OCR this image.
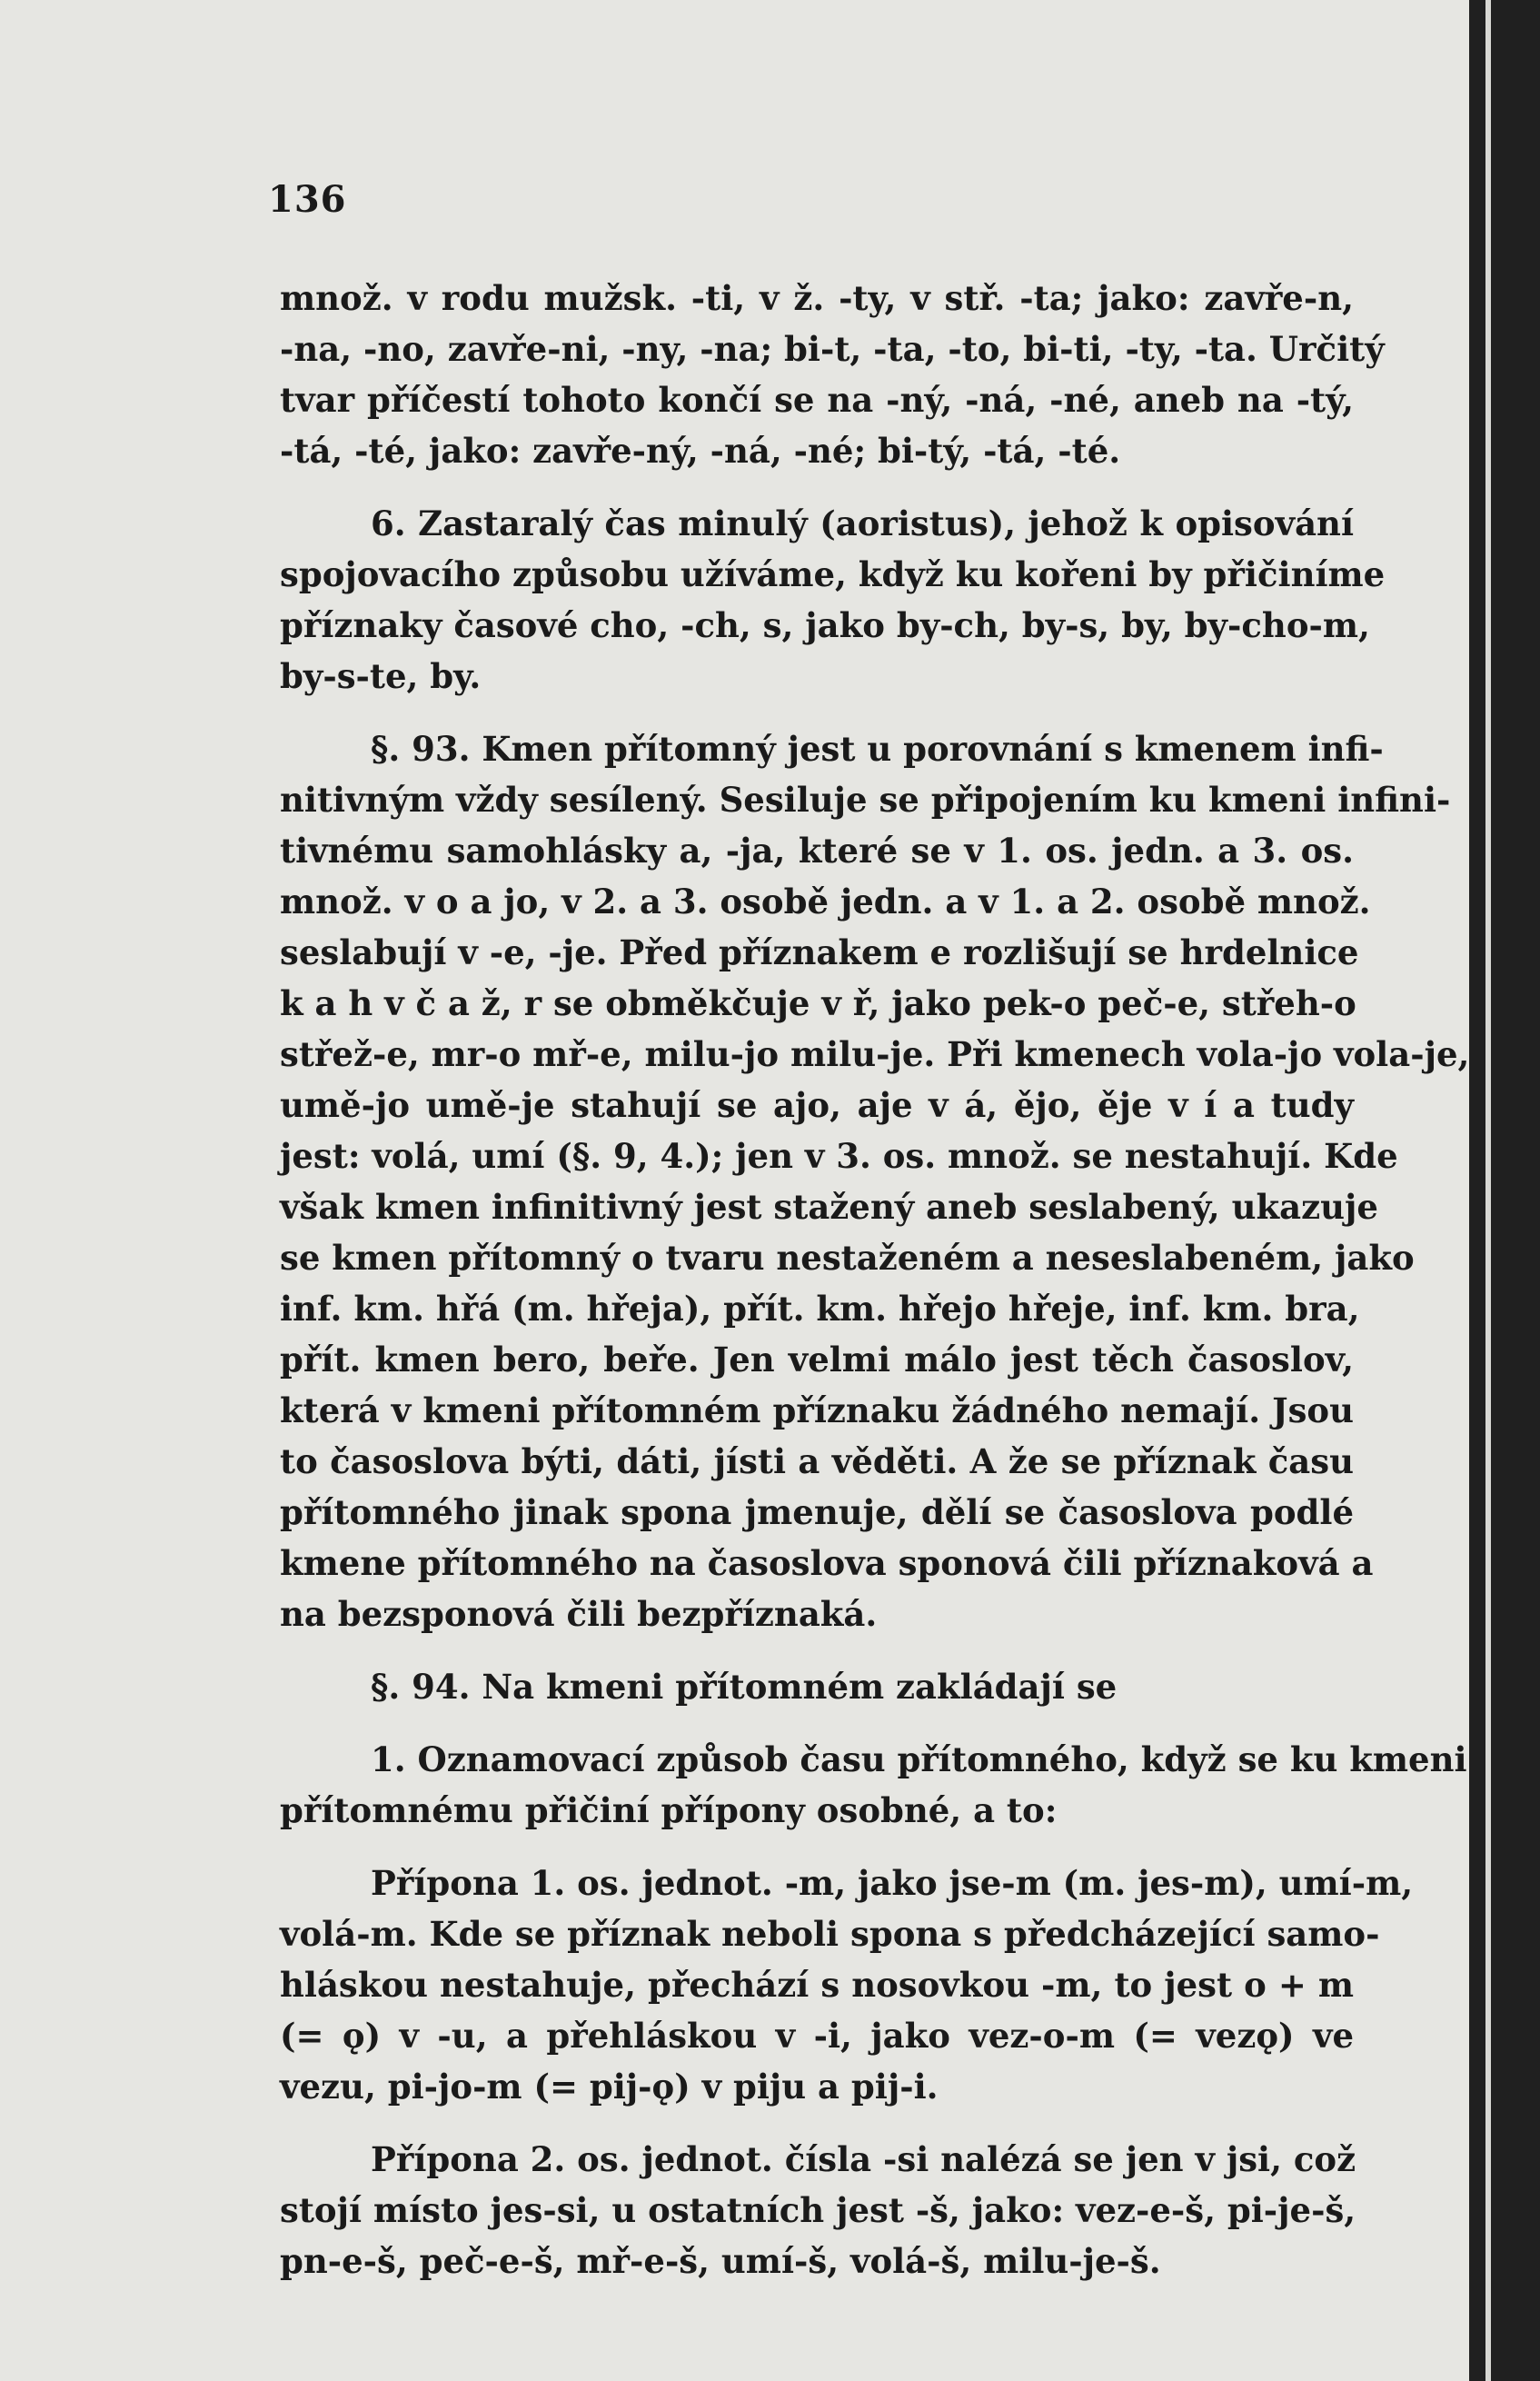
136
množ. v rodu mužsk. -ti, v ž. -ty, v stř. -ta; jako: zavře-n,
-na, -no, zavře-ni, -ny, -na; bi-t, -ta, -to, bi-ti, -ty, -ta. Určitý
tvar příčestí tohoto končí se na -ný, -ná, -né, aneb na -tý,
-tá, -té, jako: zavře-ný, -ná, -né; bi-tý, -tá, -té.
6. Zastaralý čas minulý (aoristus), jehož k opisování
spojovacího způsobu užíváme, když ku kořeni by přičiníme
příznaky časové cho, -ch, s, jako by-ch, by-s, by, by-cho-m,
by-s-te, by.
§. 93. Kmen přítomný jest u porovnání s kmenem infi-
nitivným vždy sesílený. Sesiluje se připojením ku kmeni infini-
tivnému samohlásky a, -ja, které se v 1. os. jedn. a 3. os.
množ. v o a jo, v 2. a 3. osobě jedn. a v 1. a 2. osobě množ.
seslabují v -e, -je. Před příznakem e rozlišují se hrdelnice
k a h v č a ž, r se obměkčuje v ř, jako pek-o peč-e, střeh-o
střež-e, mr-o mř-e, milu-jo milu-je. Při kmenech vola-jo vola-je,
umě-jo umě-je stahují se ajo, aje v á, ějo, ěje v í a tudy
jest: volá, umí (§. 9, 4.); jen v 3. os. množ. se nestahují. Kde
však kmen infinitivný jest stažený aneb seslabený, ukazuje
se kmen přítomný o tvaru nestaženém a neseslabeném, jako
inf. km. hřá (m. hřeja), přít. km. hřejo hřeje, inf. km. bra,
přít. kmen bero, beře. Jen velmi málo jest těch časoslov,
která v kmeni přítomném příznaku žádného nemají. Jsou
to časoslova býti, dáti, jísti a věděti. A že se příznak času
přítomného jinak spona jmenuje, dělí se časoslova podlé
kmene přítomného na časoslova sponová čili příznaková a
na bezsponová čili bezpříznaká.
§. 94. Na kmeni přítomném zakládají se
1. Oznamovací způsob času přítomného, když se ku kmeni
přítomnému přičiní přípony osobné, a to:
Přípona 1. os. jednot. -m, jako jse-m (m. jes-m), umí-m,
volá-m. Kde se příznak neboli spona s předcházející samo-
hláskou nestahuje, přechází s nosovkou -m, to jest o + m
(= ǫ) v -u, a přehláskou v -i, jako vez-o-m (= vezǫ) ve
vezu, pi-jo-m (= pij-ǫ) v piju a pij-i.
Přípona 2. os. jednot. čísla -si nalézá se jen v jsi, což
stojí místo jes-si, u ostatních jest -š, jako: vez-e-š, pi-je-š,
pn-e-š, peč-e-š, mř-e-š, umí-š, volá-š, milu-je-š.
